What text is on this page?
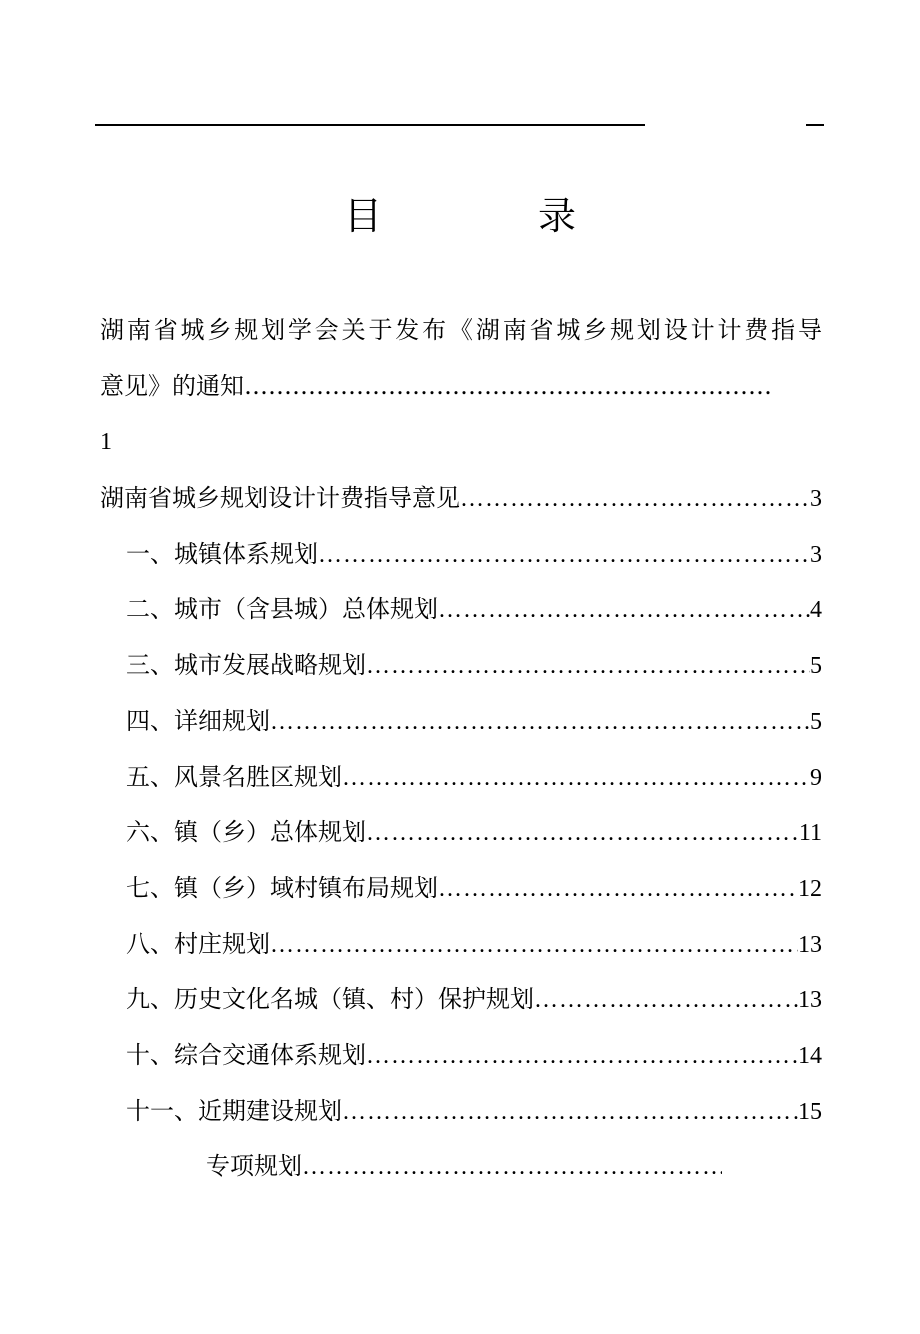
目 录
湖南省城乡规划学会关于发布《湖南省城乡规划设计计费指导
意见》的通知…………………………………………………………
1
湖南省城乡规划设计计费指导意见 ……………………………………………………………………………………………………………………………………………………………………	3
一、城镇体系规划 ……………………………………………………………………………………………………………………………………………………………………	3
二、城市（含县城）总体规划 ……………………………………………………………………………………………………………………………………………………………………	4
三、城市发展战略规划 ……………………………………………………………………………………………………………………………………………………………………	5
四、详细规划 ……………………………………………………………………………………………………………………………………………………………………	5
五、风景名胜区规划 ……………………………………………………………………………………………………………………………………………………………………	9
六、镇（乡）总体规划 ……………………………………………………………………………………………………………………………………………………………………	11
七、镇（乡）域村镇布局规划 ……………………………………………………………………………………………………………………………………………………………………	12
八、村庄规划 ……………………………………………………………………………………………………………………………………………………………………	13
九、历史文化名城（镇、村）保护规划 ……………………………………………………………………………………………………………………………………………………………………	13
十、综合交通体系规划 ……………………………………………………………………………………………………………………………………………………………………	14
十一、近期建设规划 ……………………………………………………………………………………………………………………………………………………………………	15
专项规划
……………………………………………………………………………………………………………………………………………………………………
